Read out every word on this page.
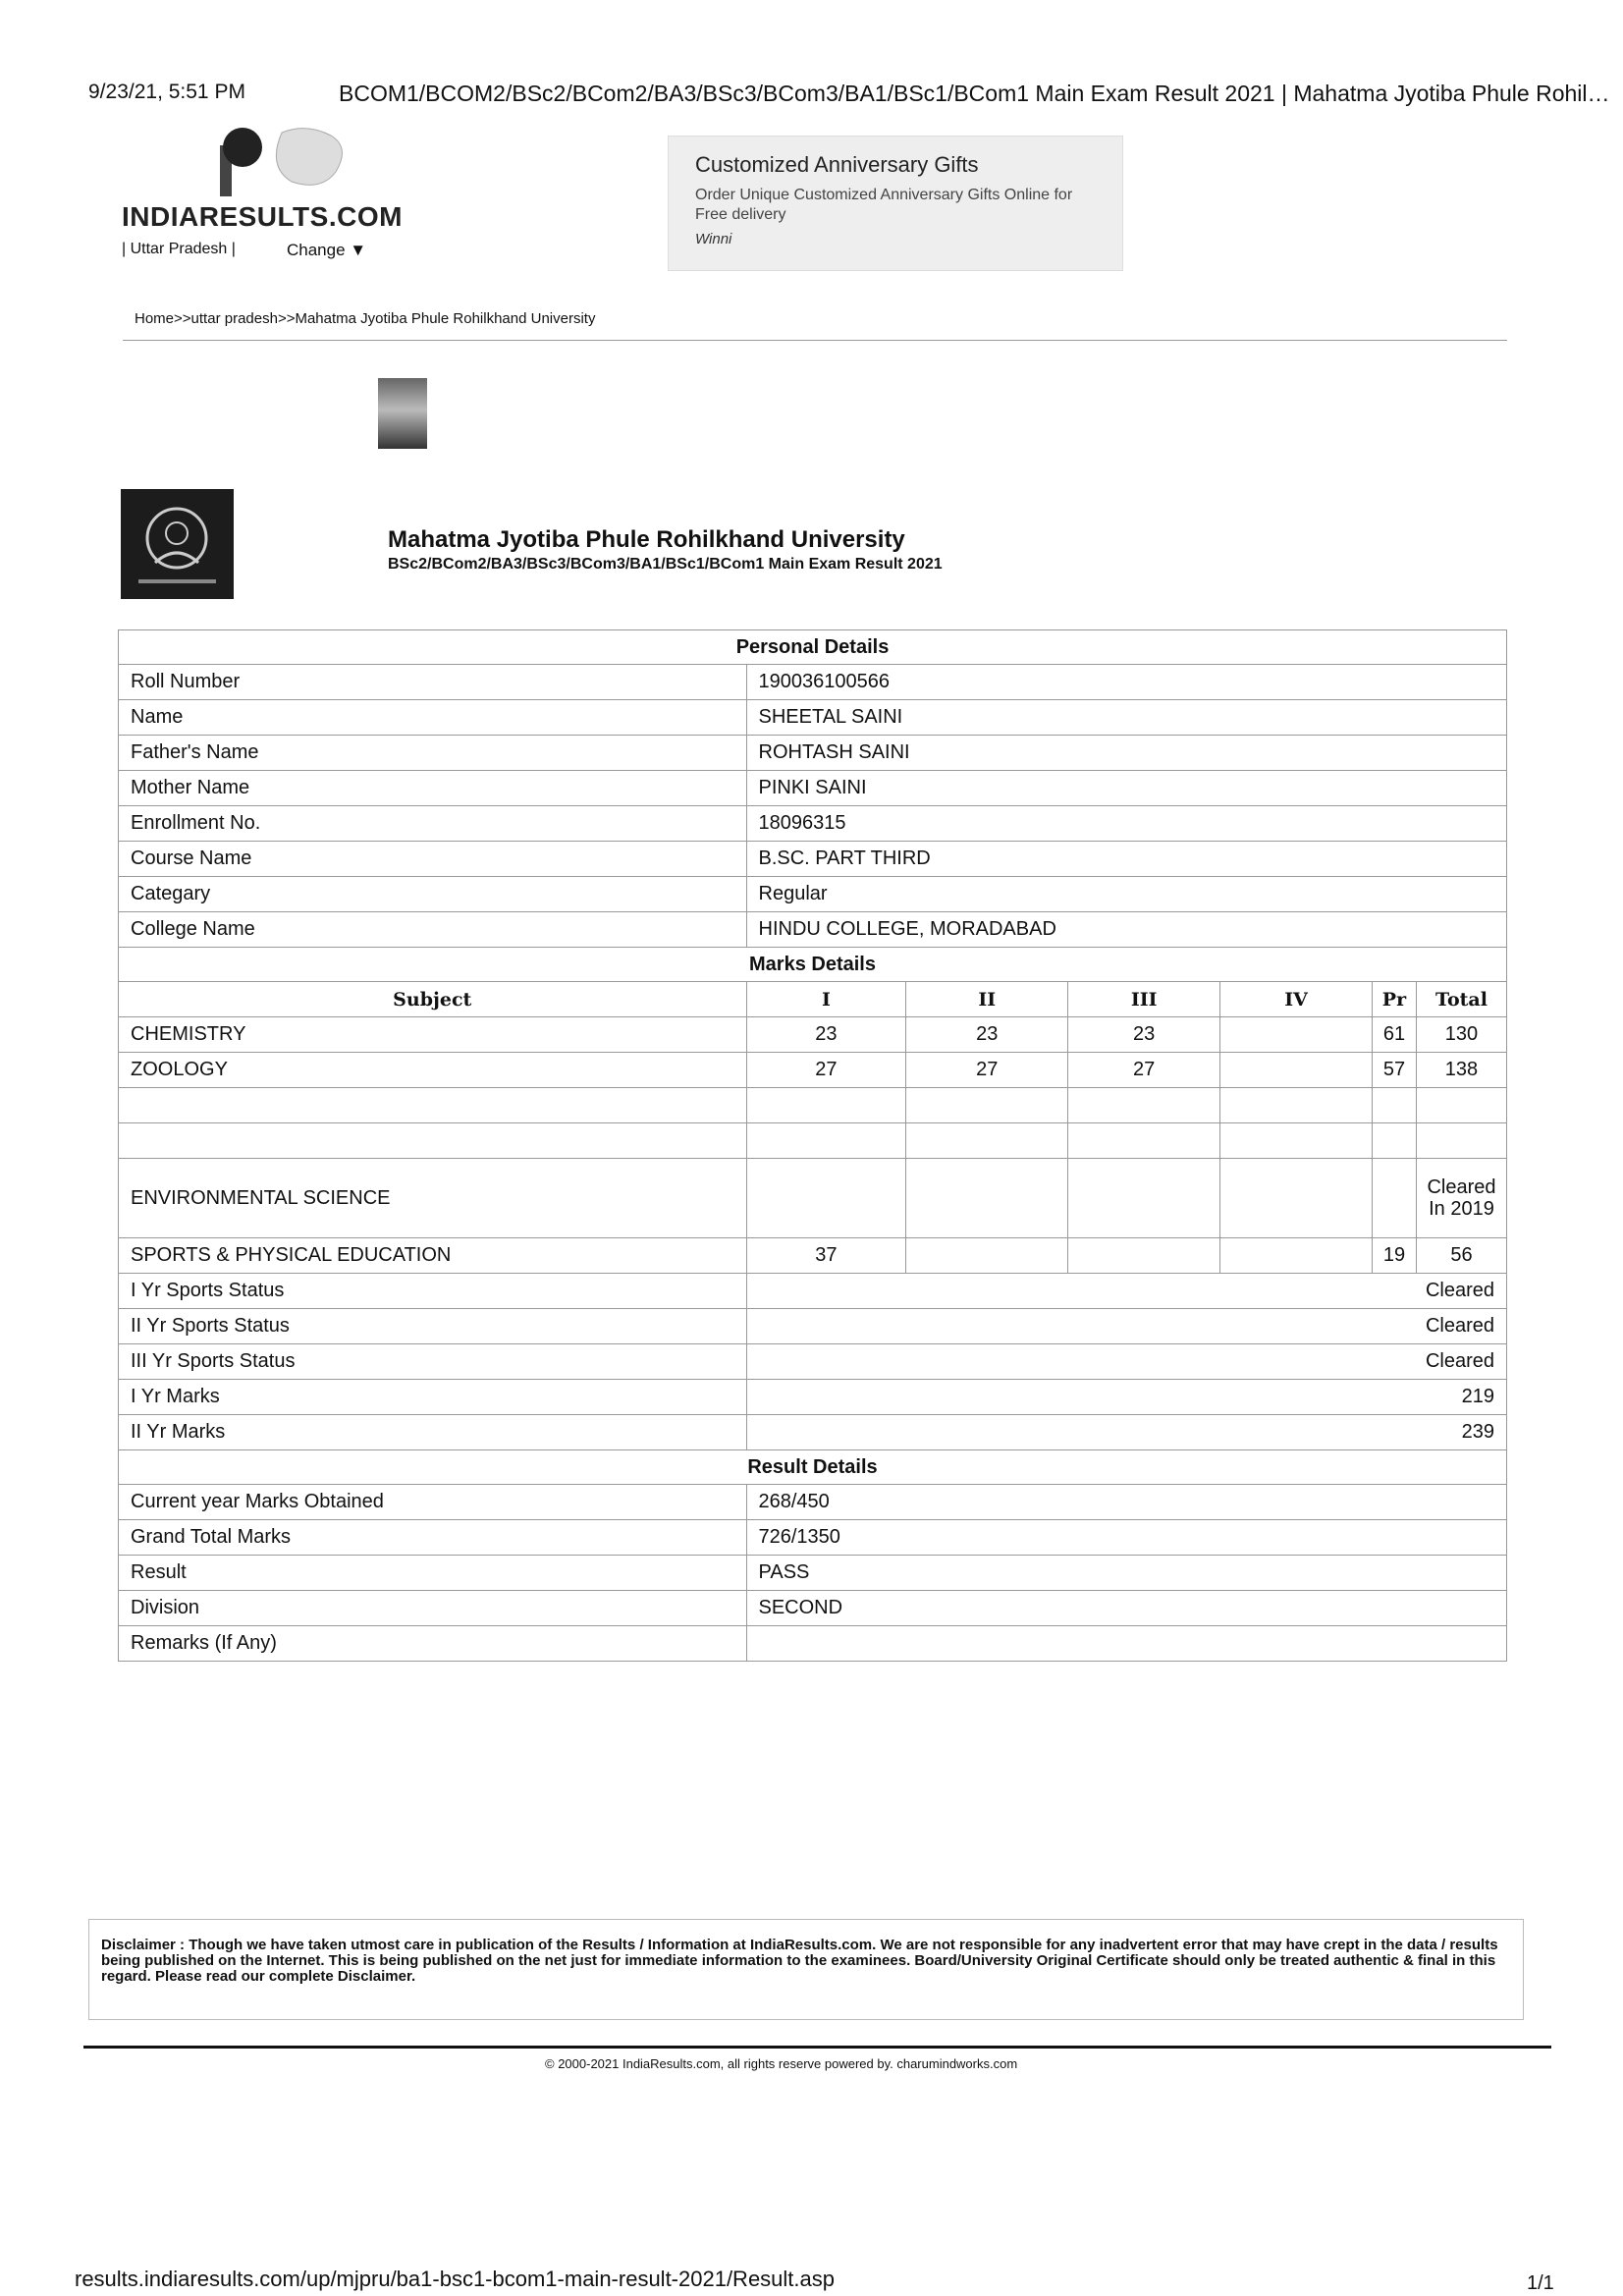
9/23/21, 5:51 PM	BCOM1/BCOM2/BSc2/BCom2/BA3/BSc3/BCom3/BA1/BSc1/BCom1 Main Exam Result 2021 | Mahatma Jyotiba Phule Rohil…
INDIARESULTS.COM
| Uttar Pradesh |	Change ▼
Customized Anniversary Gifts
Order Unique Customized Anniversary Gifts Online for Free delivery
Winni
Home>>uttar pradesh>>Mahatma Jyotiba Phule Rohilkhand University
Mahatma Jyotiba Phule Rohilkhand University
BSc2/BCom2/BA3/BSc3/BCom3/BA1/BSc1/BCom1 Main Exam Result 2021
Personal Details						
Roll Number	190036100566					
Name	SHEETAL SAINI					
Father's Name	ROHTASH SAINI					
Mother Name	PINKI SAINI					
Enrollment No.	18096315					
Course Name	B.SC. PART THIRD					
Categary	Regular					
College Name	HINDU COLLEGE, MORADABAD					
Marks Details						
Subject	I	II	III	IV	Pr	Total
CHEMISTRY	23	23	23		61	130
ZOOLOGY	27	27	27		57	138

ENVIRONMENTAL SCIENCE						Cleared In 2019
SPORTS & PHYSICAL EDUCATION	37				19	56
I Yr Sports Status	Cleared					
II Yr Sports Status	Cleared					
III Yr Sports Status	Cleared					
I Yr Marks	219					
II Yr Marks	239					
Result Details						
Current year Marks Obtained	268/450					
Grand Total Marks	726/1350					
Result	PASS					
Division	SECOND					
Remarks (If Any)						
Disclaimer : Though we have taken utmost care in publication of the Results / Information at IndiaResults.com. We are not responsible for any inadvertent error that may have crept in the data / results being published on the Internet. This is being published on the net just for immediate information to the examinees. Board/University Original Certificate should only be treated authentic & final in this regard. Please read our complete Disclaimer.
© 2000-2021 IndiaResults.com, all rights reserve powered by. charumindworks.com
results.indiaresults.com/up/mjpru/ba1-bsc1-bcom1-main-result-2021/Result.asp	1/1
